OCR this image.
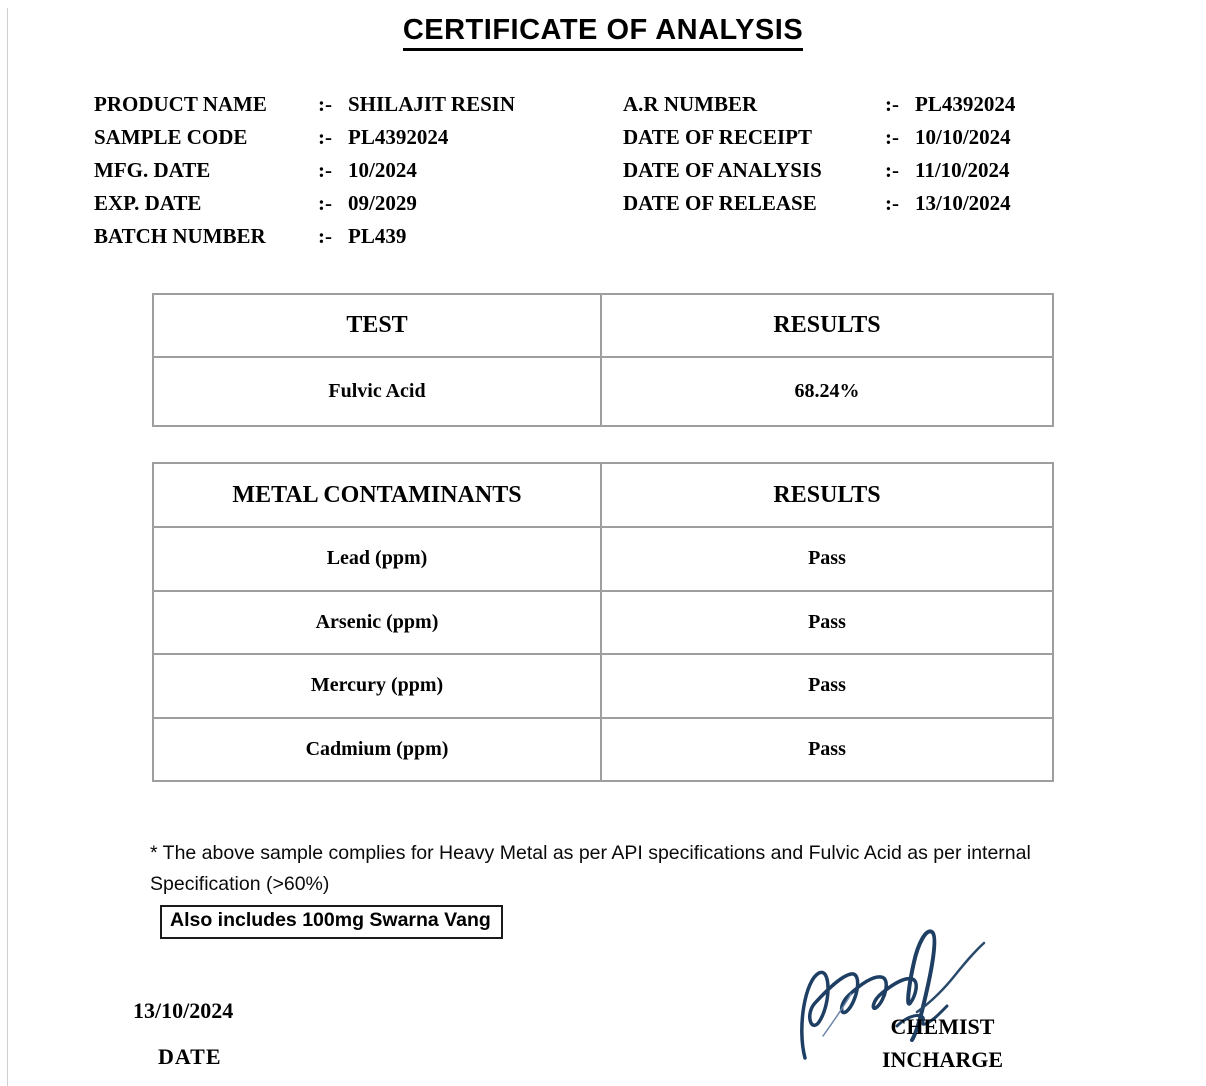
CERTIFICATE OF ANALYSIS
PRODUCT NAME	:- SHILAJIT RESIN
SAMPLE CODE	:- PL4392024
MFG. DATE	:- 10/2024
EXP. DATE	:- 09/2029
BATCH NUMBER	:- PL439
A.R NUMBER	:- PL4392024
DATE OF RECEIPT	:- 10/10/2024
DATE OF ANALYSIS	:- 11/10/2024
DATE OF RELEASE	:- 13/10/2024
TEST	RESULTS
Fulvic Acid	68.24%
METAL CONTAMINANTS	RESULTS
Lead (ppm)	Pass
Arsenic (ppm)	Pass
Mercury (ppm)	Pass
Cadmium (ppm)	Pass
* The above sample complies for Heavy Metal as per API specifications and Fulvic Acid as per internal Specification (>60%)
Also includes 100mg Swarna Vang
13/10/2024
DATE
CHEMIST
INCHARGE
